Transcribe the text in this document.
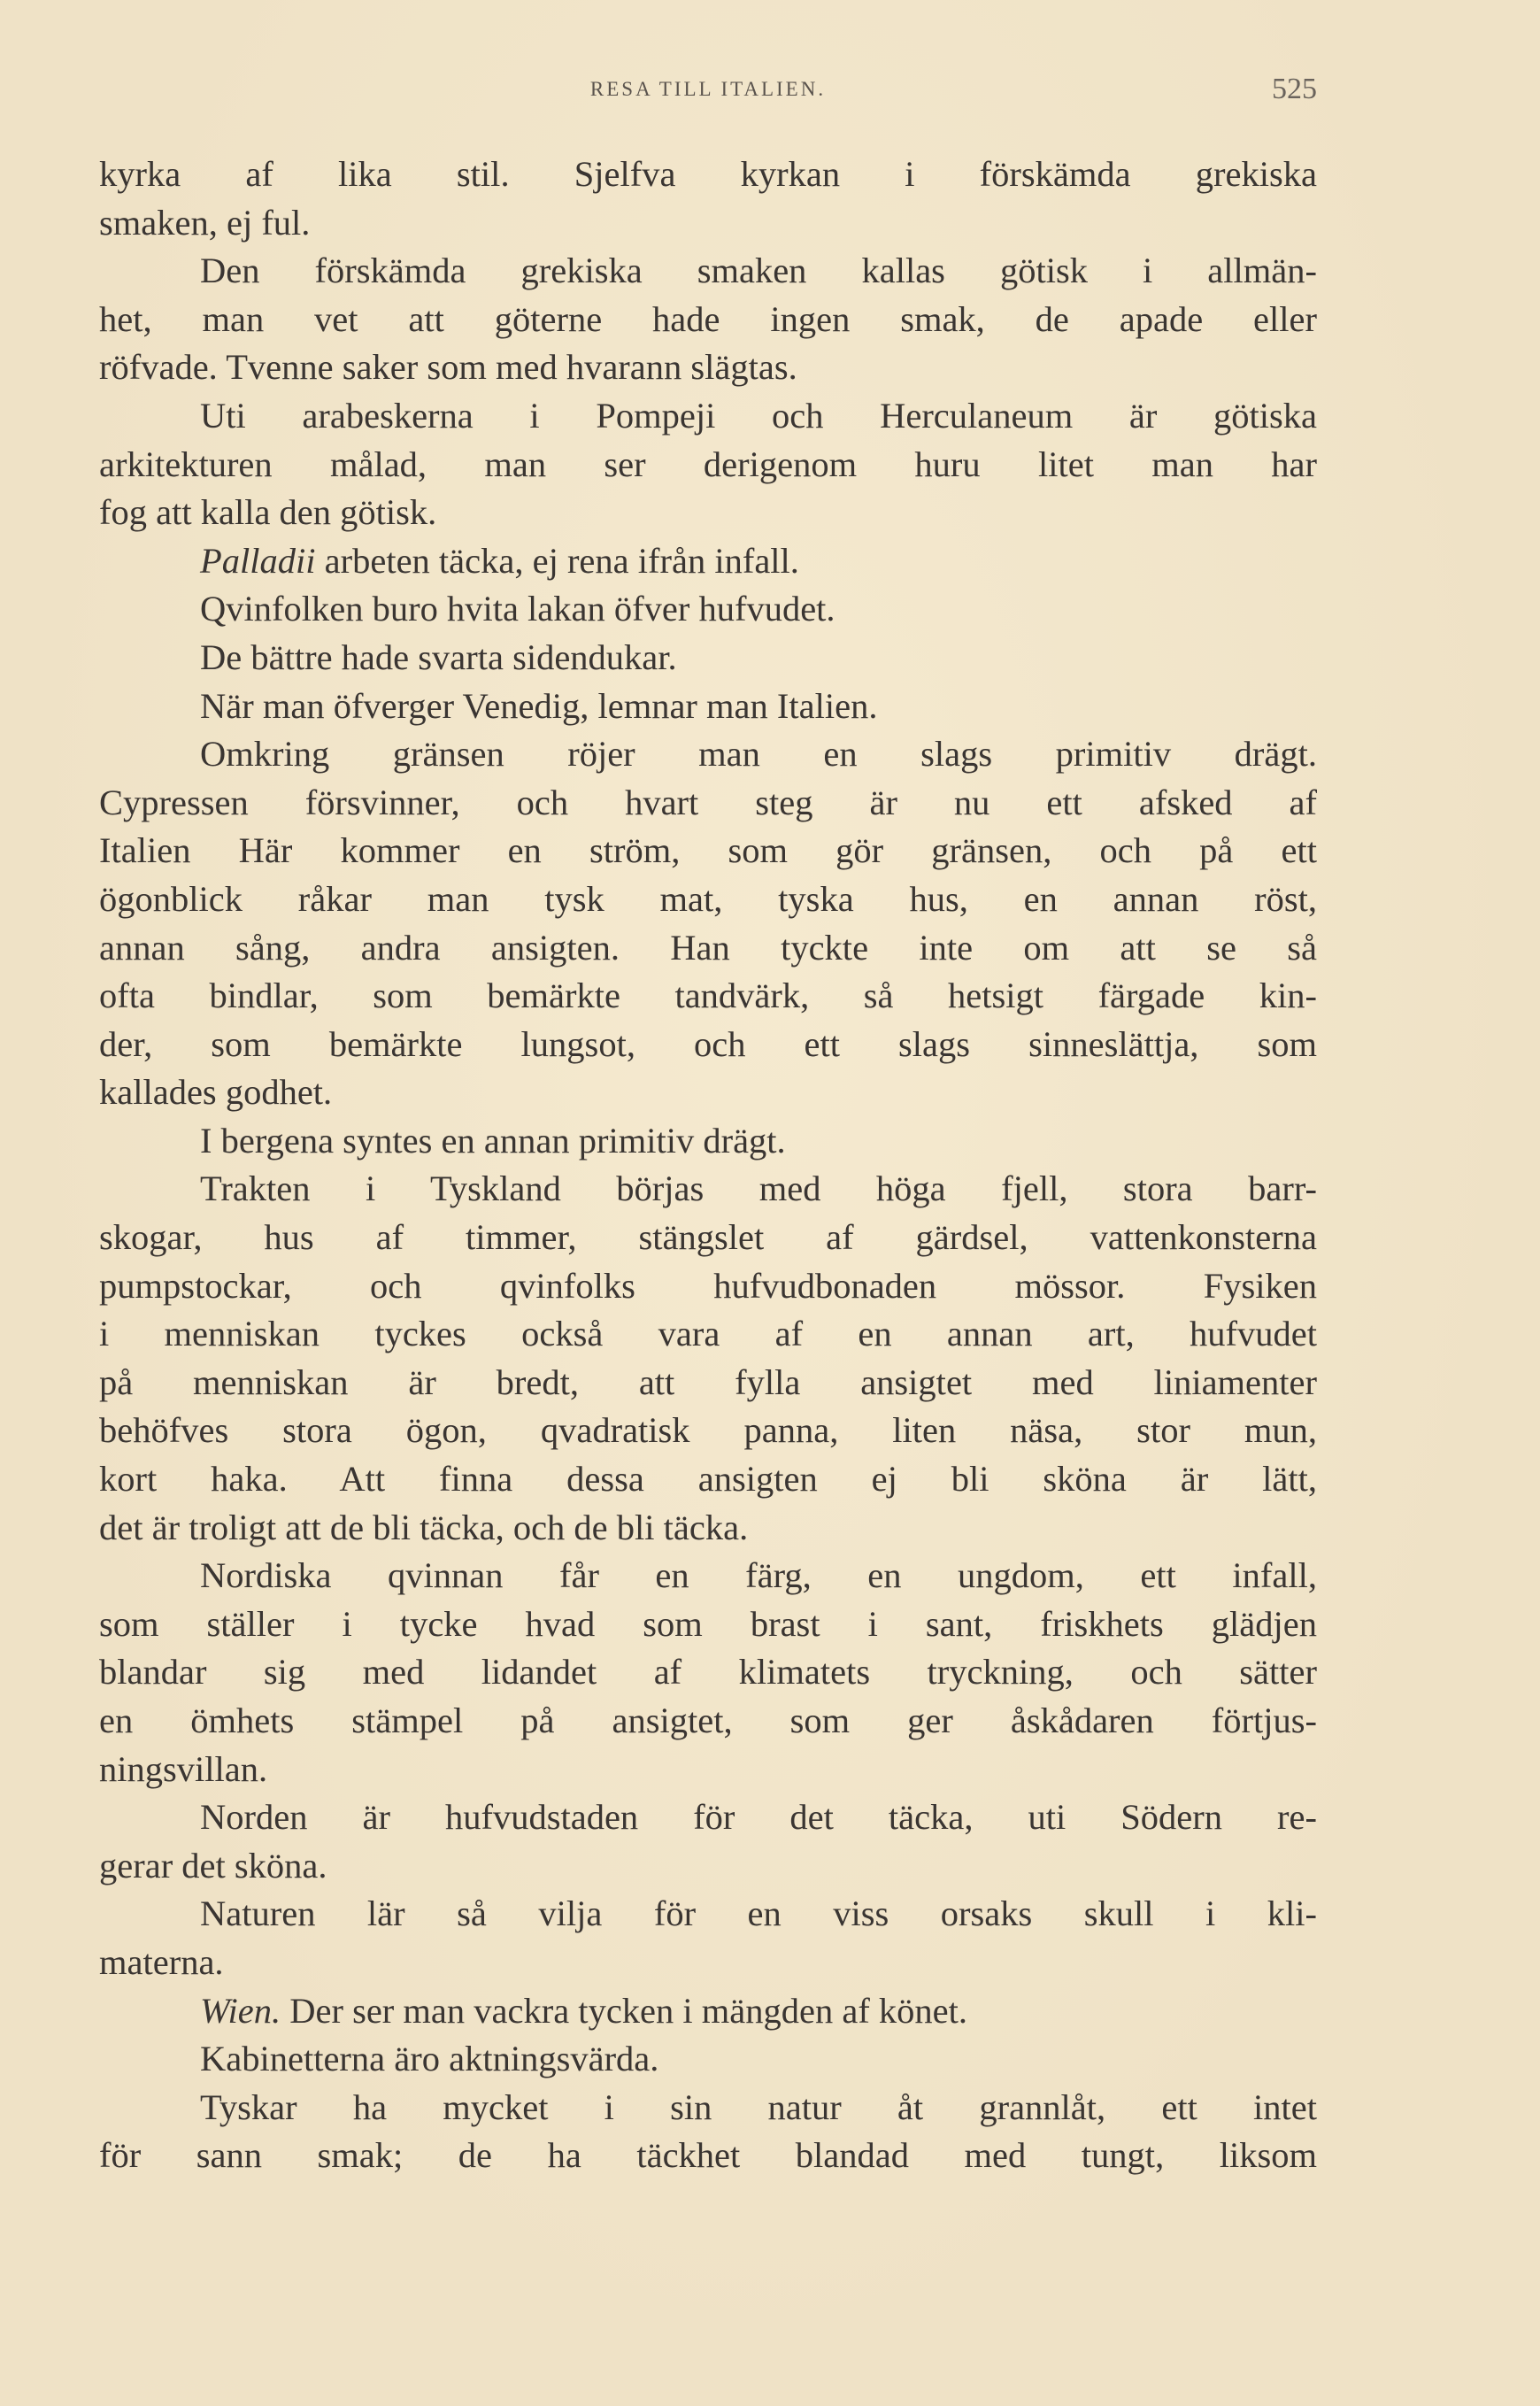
RESA TILL ITALIEN.	525
kyrka af lika stil. Sjelfva kyrkan i förskämda grekiska
smaken, ej ful.
Den förskämda grekiska smaken kallas götisk i allmän-
het, man vet att göterne hade ingen smak, de apade eller
röfvade. Tvenne saker som med hvarann slägtas.
Uti arabeskerna i Pompeji och Herculaneum är götiska
arkitekturen målad, man ser derigenom huru litet man har
fog att kalla den götisk.
Palladii arbeten täcka, ej rena ifrån infall.
Qvinfolken buro hvita lakan öfver hufvudet.
De bättre hade svarta sidendukar.
När man öfverger Venedig, lemnar man Italien.
Omkring gränsen röjer man en slags primitiv drägt.
Cypressen försvinner, och hvart steg är nu ett afsked af
Italien Här kommer en ström, som gör gränsen, och på ett
ögonblick råkar man tysk mat, tyska hus, en annan röst,
annan sång, andra ansigten. Han tyckte inte om att se så
ofta bindlar, som bemärkte tandvärk, så hetsigt färgade kin-
der, som bemärkte lungsot, och ett slags sinneslättja, som
kallades godhet.
I bergena syntes en annan primitiv drägt.
Trakten i Tyskland börjas med höga fjell, stora barr-
skogar, hus af timmer, stängslet af gärdsel, vattenkonsterna
pumpstockar, och qvinfolks hufvudbonaden mössor. Fysiken
i menniskan tyckes också vara af en annan art, hufvudet
på menniskan är bredt, att fylla ansigtet med liniamenter
behöfves stora ögon, qvadratisk panna, liten näsa, stor mun,
kort haka. Att finna dessa ansigten ej bli sköna är lätt,
det är troligt att de bli täcka, och de bli täcka.
Nordiska qvinnan får en färg, en ungdom, ett infall,
som ställer i tycke hvad som brast i sant, friskhets glädjen
blandar sig med lidandet af klimatets tryckning, och sätter
en ömhets stämpel på ansigtet, som ger åskådaren förtjus-
ningsvillan.
Norden är hufvudstaden för det täcka, uti Södern re-
gerar det sköna.
Naturen lär så vilja för en viss orsaks skull i kli-
materna.
Wien. Der ser man vackra tycken i mängden af könet.
Kabinetterna äro aktningsvärda.
Tyskar ha mycket i sin natur åt grannlåt, ett intet
för sann smak; de ha täckhet blandad med tungt, liksom
